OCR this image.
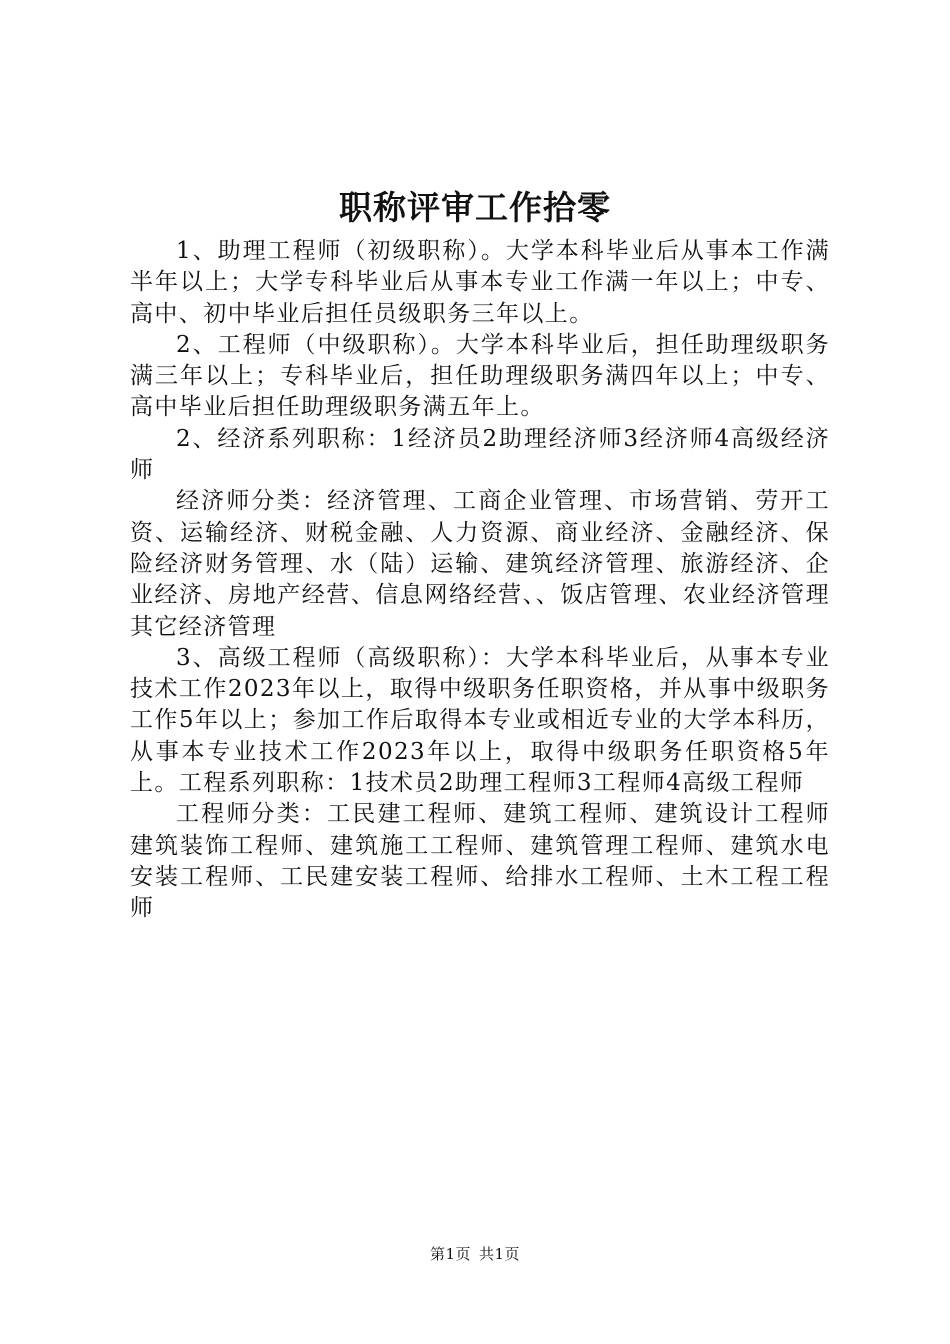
职称评审工作拾零

1、助理工程师（初级职称）。大学本科毕业后从事本工作满半年以上；大学专科毕业后从事本专业工作满一年以上；中专、高中、初中毕业后担任员级职务三年以上。

2、工程师（中级职称）。大学本科毕业后，担任助理级职务满三年以上；专科毕业后，担任助理级职务满四年以上；中专、高中毕业后担任助理级职务满五年上。

2、经济系列职称：1经济员2助理经济师3经济师4高级经济师

经济师分类：经济管理、工商企业管理、市场营销、劳开工资、运输经济、财税金融、人力资源、商业经济、金融经济、保险经济财务管理、水（陆）运输、建筑经济管理、旅游经济、企业经济、房地产经营、信息网络经营、、饭店管理、农业经济管理其它经济管理

3、高级工程师（高级职称）：大学本科毕业后，从事本专业技术工作2023年以上，取得中级职务任职资格，并从事中级职务工作5年以上；参加工作后取得本专业或相近专业的大学本科历，从事本专业技术工作2023年以上，取得中级职务任职资格5年上。工程系列职称：1技术员2助理工程师3工程师4高级工程师

工程师分类：工民建工程师、建筑工程师、建筑设计工程师建筑装饰工程师、建筑施工工程师、建筑管理工程师、建筑水电安装工程师、工民建安装工程师、给排水工程师、土木工程工程师

第1页 共1页
